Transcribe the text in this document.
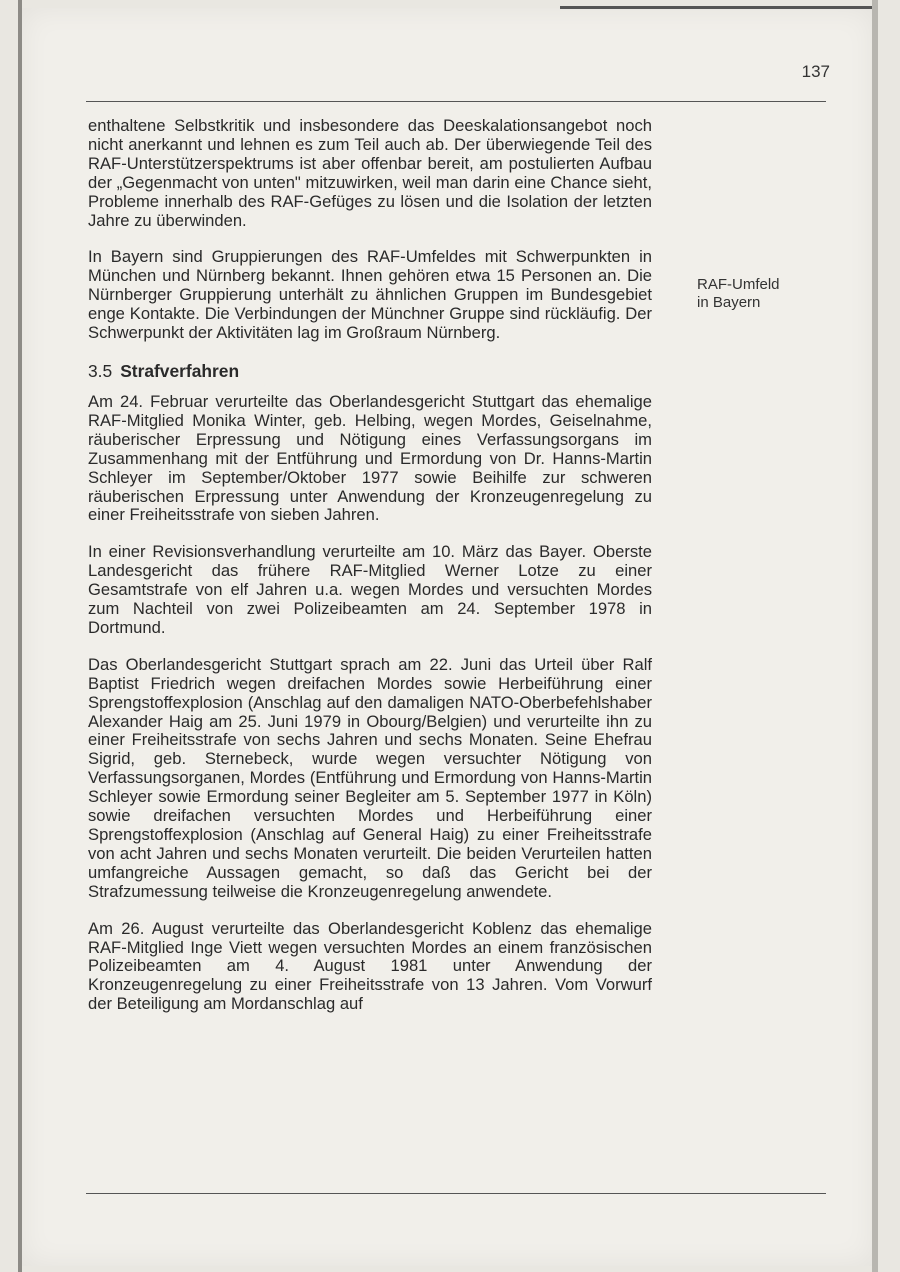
137
RAF-Umfeld
in Bayern

enthaltene Selbstkritik und insbesondere das Deeskalationsangebot noch nicht anerkannt und lehnen es zum Teil auch ab. Der überwiegende Teil des RAF-Unterstützerspektrums ist aber offenbar bereit, am postulierten Aufbau der „Gegenmacht von unten" mitzuwirken, weil man darin eine Chance sieht, Probleme innerhalb des RAF-Gefüges zu lösen und die Isolation der letzten Jahre zu überwinden.

In Bayern sind Gruppierungen des RAF-Umfeldes mit Schwerpunkten in München und Nürnberg bekannt. Ihnen gehören etwa 15 Personen an. Die Nürnberger Gruppierung unterhält zu ähnlichen Gruppen im Bundesgebiet enge Kontakte. Die Verbindungen der Münchner Gruppe sind rückläufig. Der Schwerpunkt der Aktivitäten lag im Großraum Nürnberg.

3.5 Strafverfahren

Am 24. Februar verurteilte das Oberlandesgericht Stuttgart das ehemalige RAF-Mitglied Monika Winter, geb. Helbing, wegen Mordes, Geiselnahme, räuberischer Erpressung und Nötigung eines Verfassungsorgans im Zusammenhang mit der Entführung und Ermordung von Dr. Hanns-Martin Schleyer im September/Oktober 1977 sowie Beihilfe zur schweren räuberischen Erpressung unter Anwendung der Kronzeugenregelung zu einer Freiheitsstrafe von sieben Jahren.

In einer Revisionsverhandlung verurteilte am 10. März das Bayer. Oberste Landesgericht das frühere RAF-Mitglied Werner Lotze zu einer Gesamtstrafe von elf Jahren u.a. wegen Mordes und versuchten Mordes zum Nachteil von zwei Polizeibeamten am 24. September 1978 in Dortmund.

Das Oberlandesgericht Stuttgart sprach am 22. Juni das Urteil über Ralf Baptist Friedrich wegen dreifachen Mordes sowie Herbeiführung einer Sprengstoffexplosion (Anschlag auf den damaligen NATO-Oberbefehlshaber Alexander Haig am 25. Juni 1979 in Obourg/Belgien) und verurteilte ihn zu einer Freiheitsstrafe von sechs Jahren und sechs Monaten. Seine Ehefrau Sigrid, geb. Sternebeck, wurde wegen versuchter Nötigung von Verfassungsorganen, Mordes (Entführung und Ermordung von Hanns-Martin Schleyer sowie Ermordung seiner Begleiter am 5. September 1977 in Köln) sowie dreifachen versuchten Mordes und Herbeiführung einer Sprengstoffexplosion (Anschlag auf General Haig) zu einer Freiheitsstrafe von acht Jahren und sechs Monaten verurteilt. Die beiden Verurteilen hatten umfangreiche Aussagen gemacht, so daß das Gericht bei der Strafzumessung teilweise die Kronzeugenregelung anwendete.

Am 26. August verurteilte das Oberlandesgericht Koblenz das ehemalige RAF-Mitglied Inge Viett wegen versuchten Mordes an einem französischen Polizeibeamten am 4. August 1981 unter Anwendung der Kronzeugenregelung zu einer Freiheitsstrafe von 13 Jahren. Vom Vorwurf der Beteiligung am Mordanschlag auf
